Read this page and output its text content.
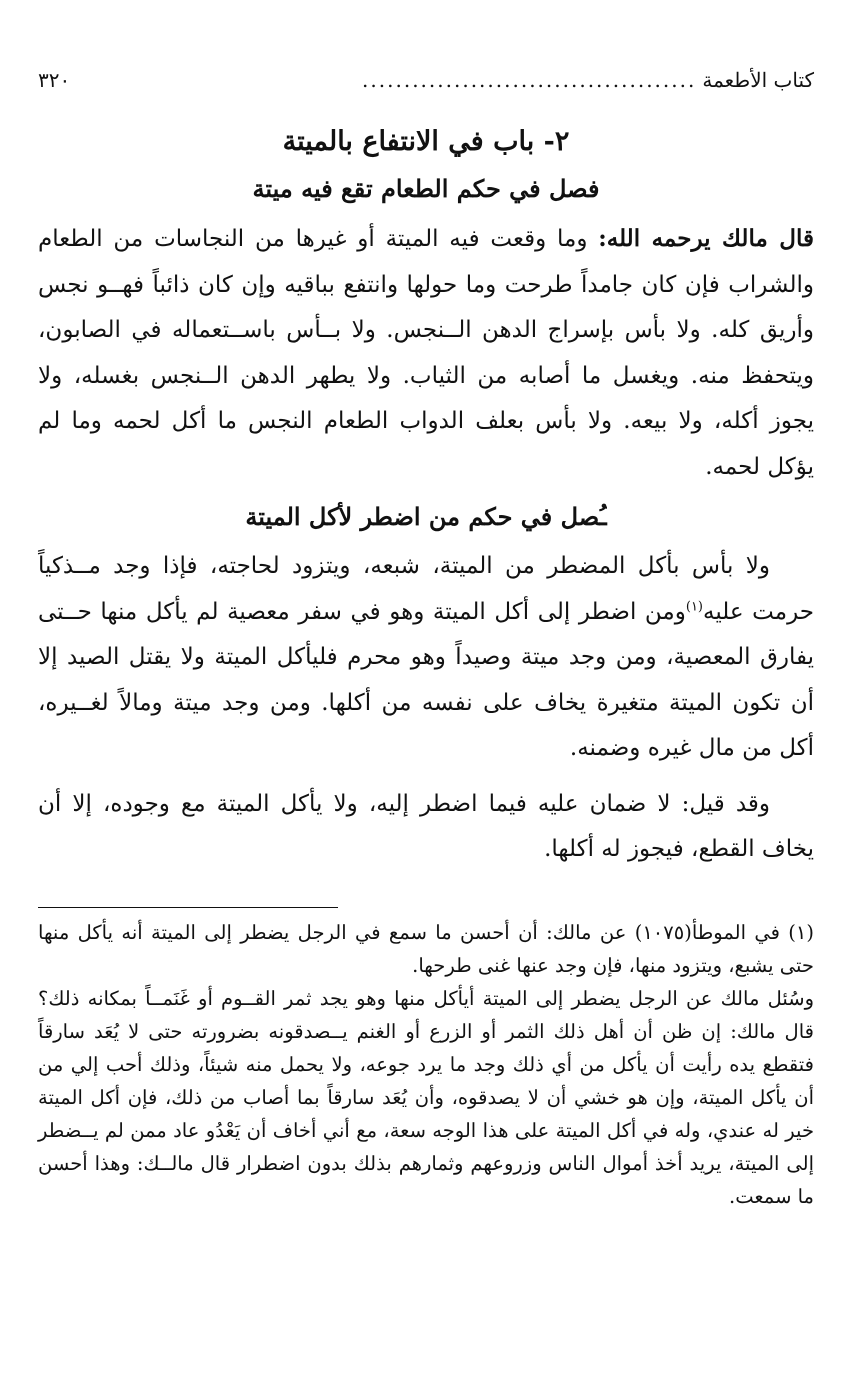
كتاب الأطعمة
........................................
٣٢٠
٢- باب في الانتفاع بالميتة
فصل في حكم الطعام تقع فيه ميتة

قال مالك يرحمه الله: وما وقعت فيه الميتة أو غيرها من النجاسات من الطعام والشراب فإن كان جامداً طرحت وما حولها وانتفع بباقيه وإن كان ذائباً فهــو نجس وأريق كله. ولا بأس بإسراج الدهن الــنجس. ولا بــأس باســتعماله في الصابون، ويتحفظ منه. ويغسل ما أصابه من الثياب. ولا يطهر الدهن الــنجس بغسله، ولا يجوز أكله، ولا بيعه. ولا بأس بعلف الدواب الطعام النجس ما أكل لحمه وما لم يؤكل لحمه.

ـُصل في حكم من اضطر لأكل الميتة

ولا بأس بأكل المضطر من الميتة، شبعه، ويتزود لحاجته، فإذا وجد مــذكياً حرمت عليه$^{(١)}$ومن اضطر إلى أكل الميتة وهو في سفر معصية لم يأكل منها حــتى يفارق المعصية، ومن وجد ميتة وصيداً وهو محرم فليأكل الميتة ولا يقتل الصيد إلا أن تكون الميتة متغيرة يخاف على نفسه من أكلها. ومن وجد ميتة ومالاً لغــيره، أكل من مال غيره وضمنه.

وقد قيل: لا ضمان عليه فيما اضطر إليه، ولا يأكل الميتة مع وجوده، إلا أن يخاف القطع، فيجوز له أكلها.

(١) في الموطأ(١٠٧٥) عن مالك: أن أحسن ما سمع في الرجل يضطر إلى الميتة أنه يأكل منها حتى يشبع، ويتزود منها، فإن وجد عنها غنى طرحها.

وسُئل مالك عن الرجل يضطر إلى الميتة أيأكل منها وهو يجد ثمر القــوم أو غَنَمــاً بمكانه ذلك؟ قال مالك: إن ظن أن أهل ذلك الثمر أو الزرع أو الغنم يــصدقونه بضرورته حتى لا يُعَد سارقاً فتقطع يده رأيت أن يأكل من أي ذلك وجد ما يرد جوعه، ولا يحمل منه شيئاً، وذلك أحب إلي من أن يأكل الميتة، وإن هو خشي أن لا يصدقوه، وأن يُعَد سارقاً بما أصاب من ذلك، فإن أكل الميتة خير له عندي، وله في أكل الميتة على هذا الوجه سعة، مع أني أخاف أن يَعْدُو عاد ممن لم يــضطر إلى الميتة، يريد أخذ أموال الناس وزروعهم وثمارهم بذلك بدون اضطرار قال مالــك: وهذا أحسن ما سمعت.
